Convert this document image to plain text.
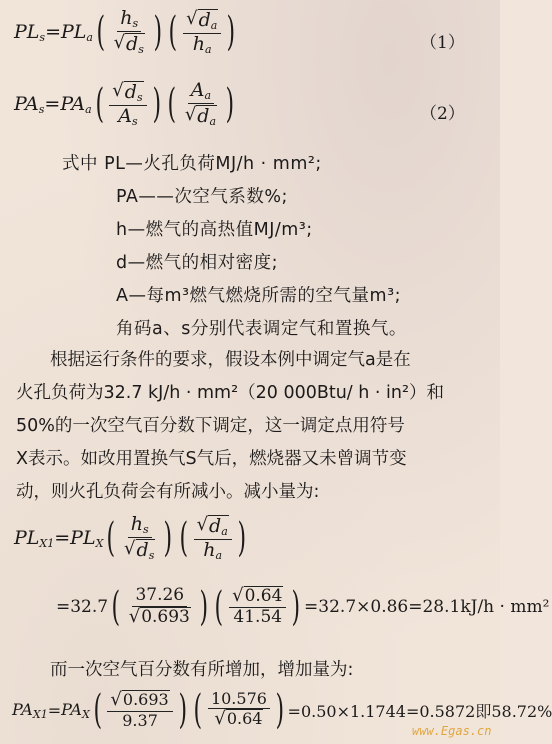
$PL_s = PL_a$ ( $\frac{h_s}{√ d_s}$ ) ( $\frac{√ d_a}{h_a}$ )	（1）
$PA_s = PA_a$ ( $\frac{√ d_s}{A_s}$ ) ( $\frac{A_a}{√ d_a}$ )	（2）
式中 PL—火孔负荷MJ/h · mm²;
PA——次空气系数%;
h—燃气的高热值MJ/m³;
d—燃气的相对密度;
A—每m³燃气燃烧所需的空气量m³;
角码a、s分别代表调定气和置换气。
根据运行条件的要求，假设本例中调定气a是在
火孔负荷为32.7 kJ/h · mm²（20 000Btu/ h · in²）和
50%的一次空气百分数下调定，这一调定点用符号
X表示。如改用置换气S气后，燃烧器又未曾调节变
动，则火孔负荷会有所减小。减小量为:
$PL_{X1} = PL_X$ ( $\frac{h_s}{√ d_s}$ ) ( $\frac{√ d_a}{h_a}$ )
=32.7 ( $\frac{37.26}{√ 0.693}$ ) ( $\frac{√ 0.64}{41.54}$ ) =32.7×0.86=28.1kJ/h · mm²
而一次空气百分数有所增加，增加量为:
$PA_{X1} = PA_X$ ( $\frac{√ 0.693}{9.37}$ ) ( $\frac{10.576}{√ 0.64}$ ) =0.50×1.1744=0.5872即58.72%
www.Egas.cn
